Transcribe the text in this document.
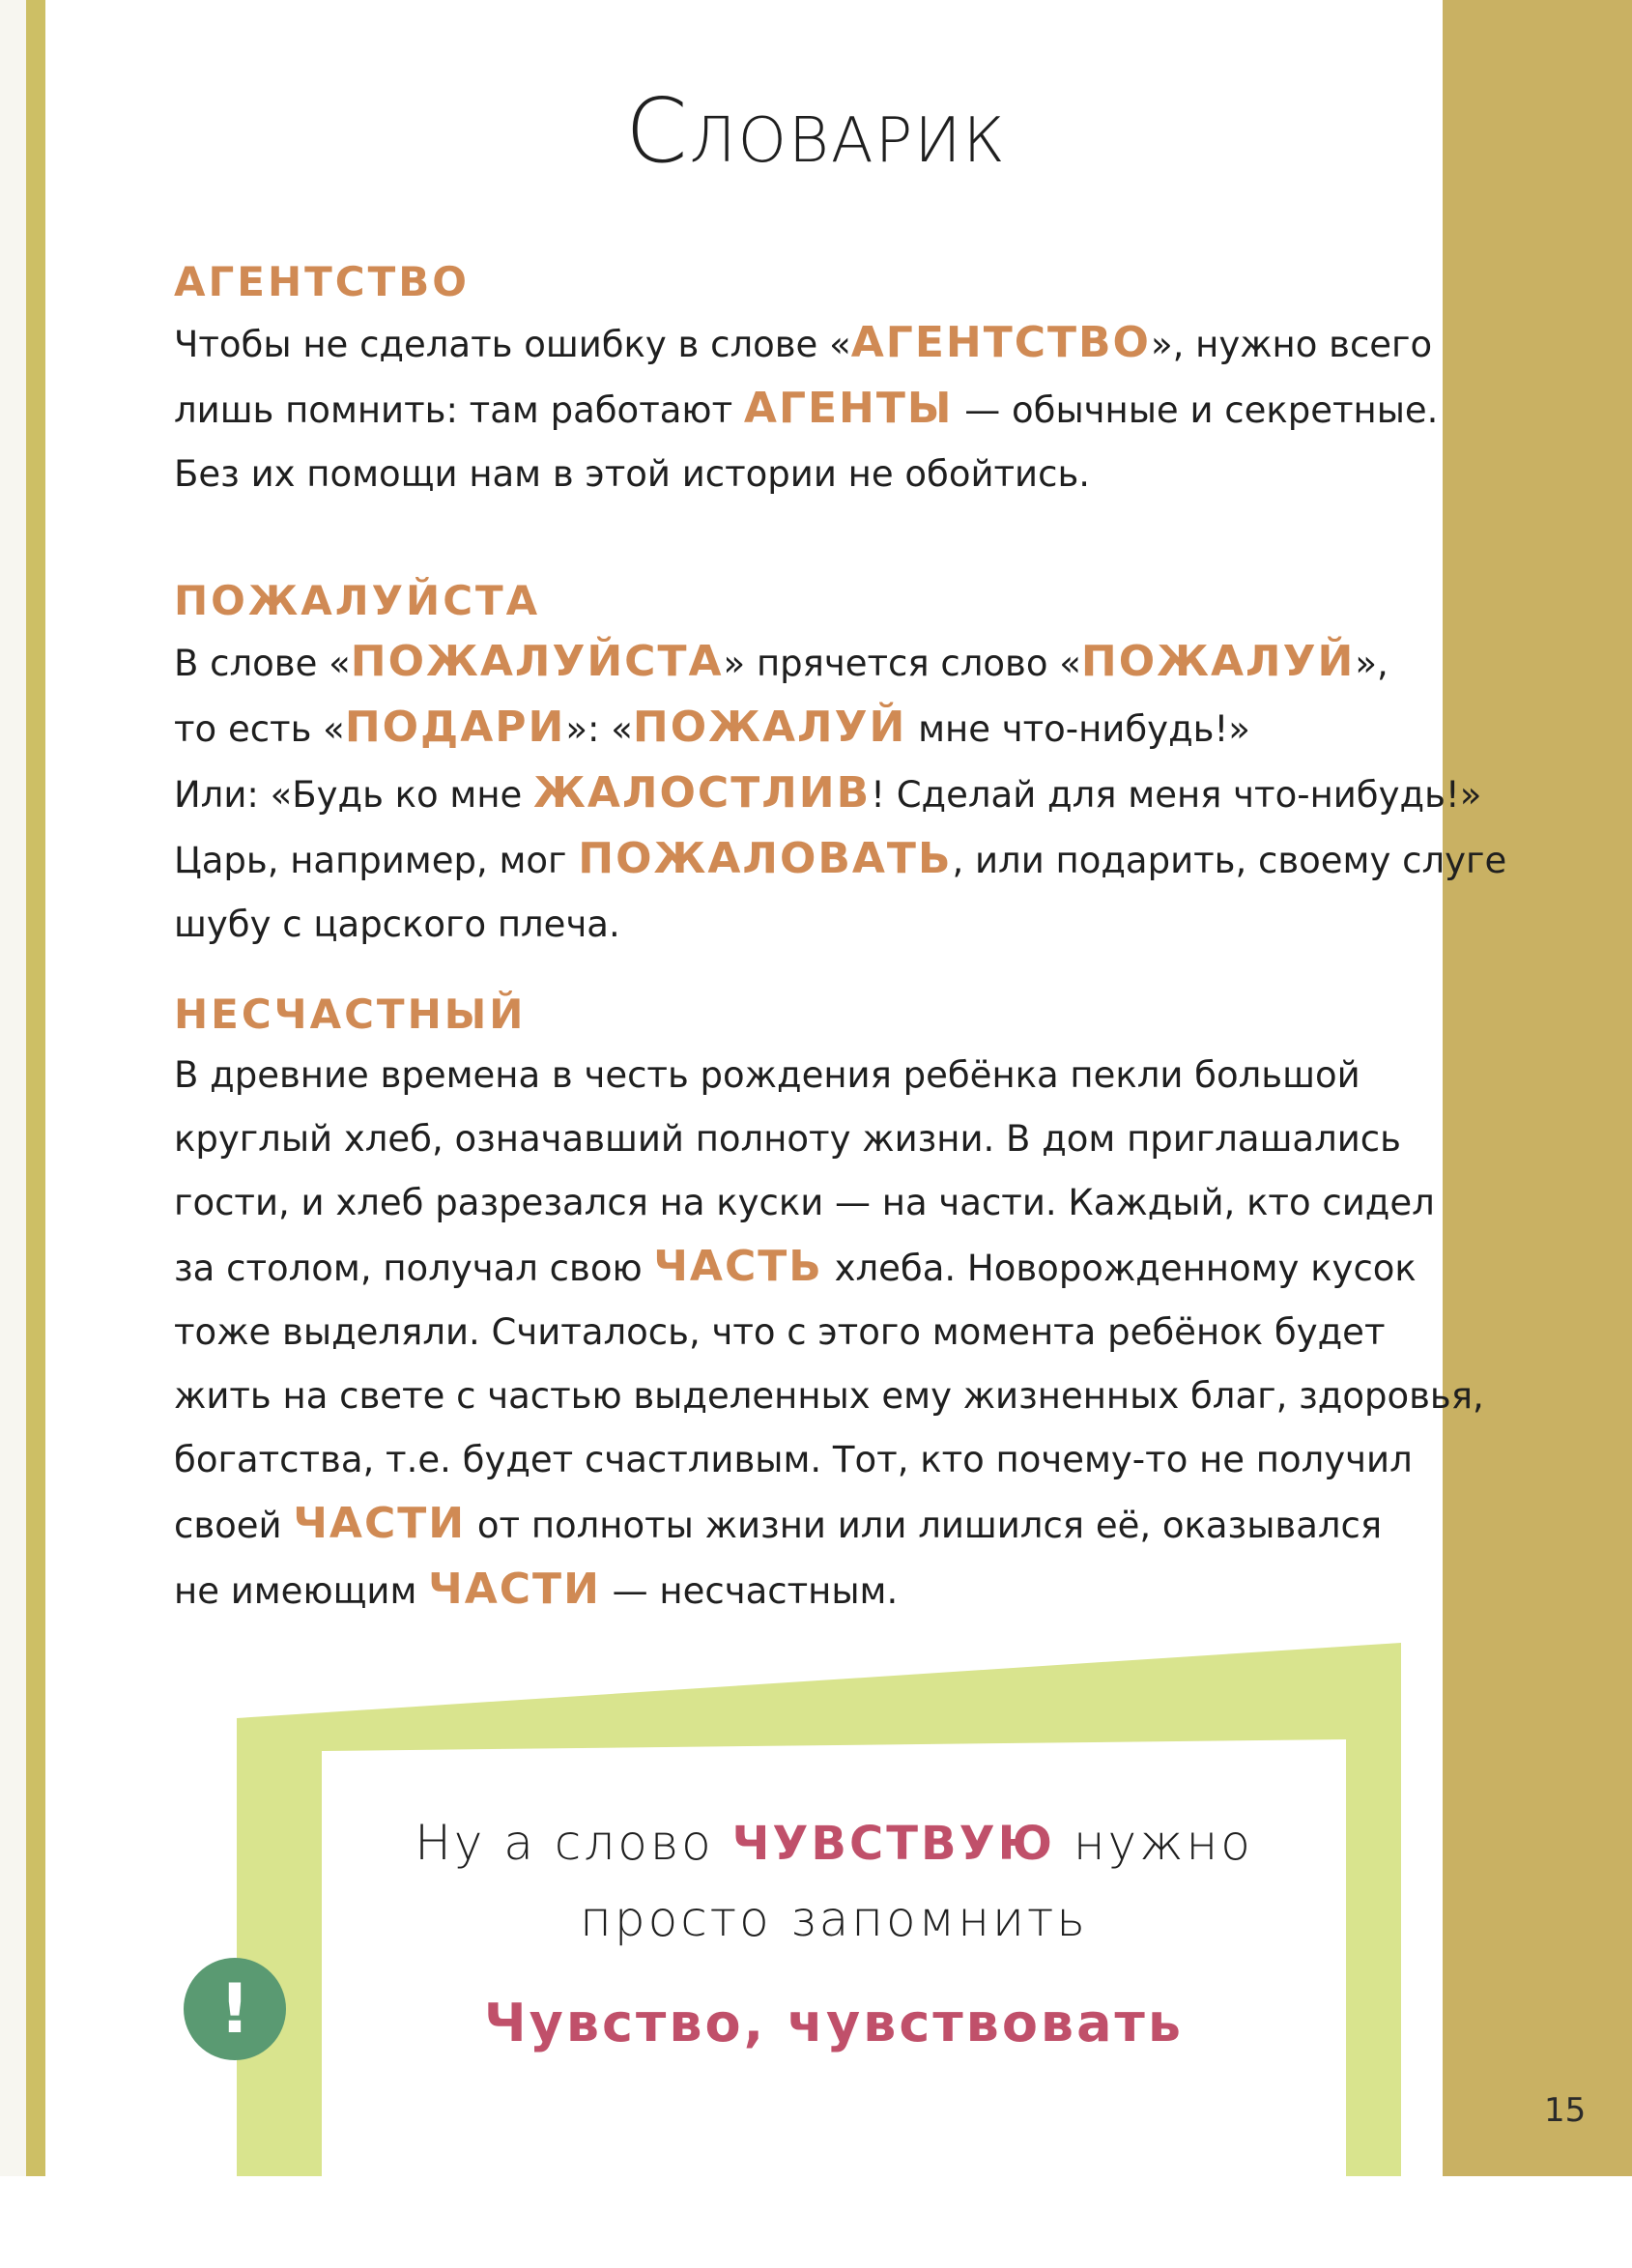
Словарик
АГЕНТСТВО
Чтобы не сделать ошибку в слове «АГЕНТСТВО», нужно всего
лишь помнить: там работают АГЕНТЫ — обычные и секретные.
Без их помощи нам в этой истории не обойтись.
ПОЖАЛУЙСТА
В слове «ПОЖАЛУЙСТА» прячется слово «ПОЖАЛУЙ»,
то есть «ПОДАРИ»: «ПОЖАЛУЙ мне что-нибудь!»
Или: «Будь ко мне ЖАЛОСТЛИВ! Сделай для меня что-нибудь!»
Царь, например, мог ПОЖАЛОВАТЬ, или подарить, своему слуге
шубу с царского плеча.
НЕСЧАСТНЫЙ
В древние времена в честь рождения ребёнка пекли большой
круглый хлеб, означавший полноту жизни. В дом приглашались
гости, и хлеб разрезался на куски — на части. Каждый, кто сидел
за столом, получал свою ЧАСТЬ хлеба. Новорожденному кусок
тоже выделяли. Считалось, что с этого момента ребёнок будет
жить на свете с частью выделенных ему жизненных благ, здоровья,
богатства, т.е. будет счастливым. Тот, кто почему-то не получил
своей ЧАСТИ от полноты жизни или лишился её, оказывался
не имеющим ЧАСТИ — несчастным.
Ну а слово ЧУВСТВУЮ нужно
просто запомнить
Чувство, чувствовать
!
15
